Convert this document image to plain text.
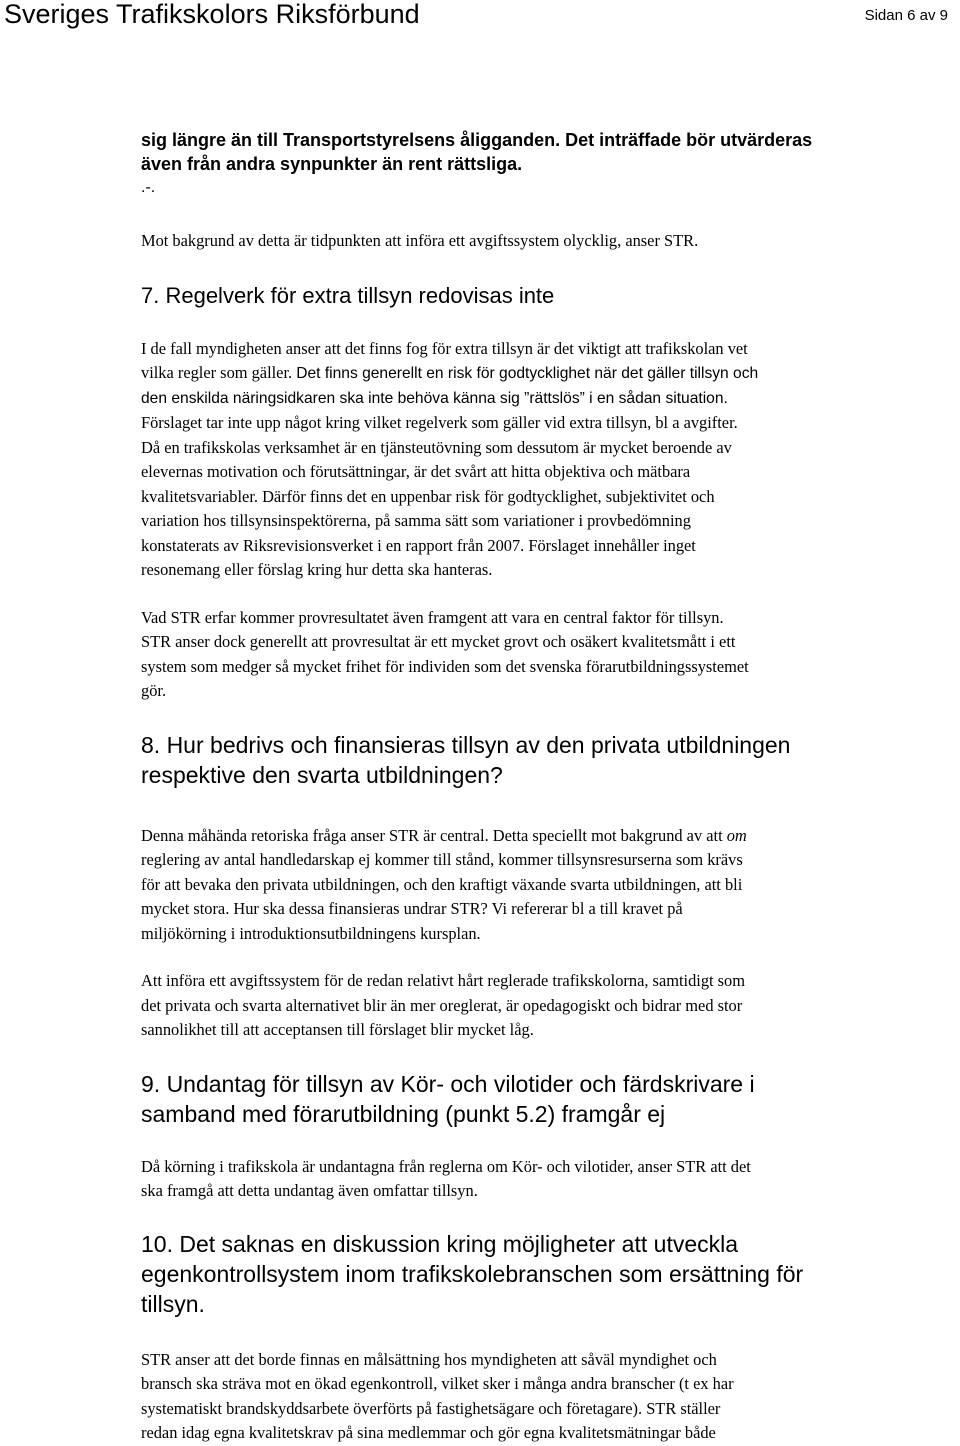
Sveriges Trafikskolors Riksförbund	Sidan 6 av 9

sig längre än till Transportstyrelsens åligganden. Det inträffade bör utvärderas
även från andra synpunkter än rent rättsliga.

.-.

Mot bakgrund av detta är tidpunkten att införa ett avgiftssystem olycklig, anser STR.

7. Regelverk för extra tillsyn redovisas inte

I de fall myndigheten anser att det finns fog för extra tillsyn är det viktigt att trafikskolan vet
vilka regler som gäller. Det finns generellt en risk för godtycklighet när det gäller tillsyn och
den enskilda näringsidkaren ska inte behöva känna sig ”rättslös” i en sådan situation.
Förslaget tar inte upp något kring vilket regelverk som gäller vid extra tillsyn, bl a avgifter.
Då en trafikskolas verksamhet är en tjänsteutövning som dessutom är mycket beroende av
elevernas motivation och förutsättningar, är det svårt att hitta objektiva och mätbara
kvalitetsvariabler. Därför finns det en uppenbar risk för godtycklighet, subjektivitet och
variation hos tillsynsinspektörerna, på samma sätt som variationer i provbedömning
konstaterats av Riksrevisionsverket i en rapport från 2007. Förslaget innehåller inget
resonemang eller förslag kring hur detta ska hanteras.

Vad STR erfar kommer provresultatet även framgent att vara en central faktor för tillsyn.
STR anser dock generellt att provresultat är ett mycket grovt och osäkert kvalitetsmått i ett
system som medger så mycket frihet för individen som det svenska förarutbildningssystemet
gör.

8. Hur bedrivs och finansieras tillsyn av den privata utbildningen
respektive den svarta utbildningen?

Denna måhända retoriska fråga anser STR är central. Detta speciellt mot bakgrund av att om
reglering av antal handledarskap ej kommer till stånd, kommer tillsynsresurserna som krävs
för att bevaka den privata utbildningen, och den kraftigt växande svarta utbildningen, att bli
mycket stora. Hur ska dessa finansieras undrar STR? Vi refererar bl a till kravet på
miljökörning i introduktionsutbildningens kursplan.

Att införa ett avgiftssystem för de redan relativt hårt reglerade trafikskolorna, samtidigt som
det privata och svarta alternativet blir än mer oreglerat, är opedagogiskt och bidrar med stor
sannolikhet till att acceptansen till förslaget blir mycket låg.

9. Undantag för tillsyn av Kör- och vilotider och färdskrivare i
samband med förarutbildning (punkt 5.2) framgår ej

Då körning i trafikskola är undantagna från reglerna om Kör- och vilotider, anser STR att det
ska framgå att detta undantag även omfattar tillsyn.

10. Det saknas en diskussion kring möjligheter att utveckla
egenkontrollsystem inom trafikskolebranschen som ersättning för
tillsyn.

STR anser att det borde finnas en målsättning hos myndigheten att såväl myndighet och
bransch ska sträva mot en ökad egenkontroll, vilket sker i många andra branscher (t ex har
systematiskt brandskyddsarbete överförts på fastighetsägare och företagare). STR ställer
redan idag egna kvalitetskrav på sina medlemmar och gör egna kvalitetsmätningar både
